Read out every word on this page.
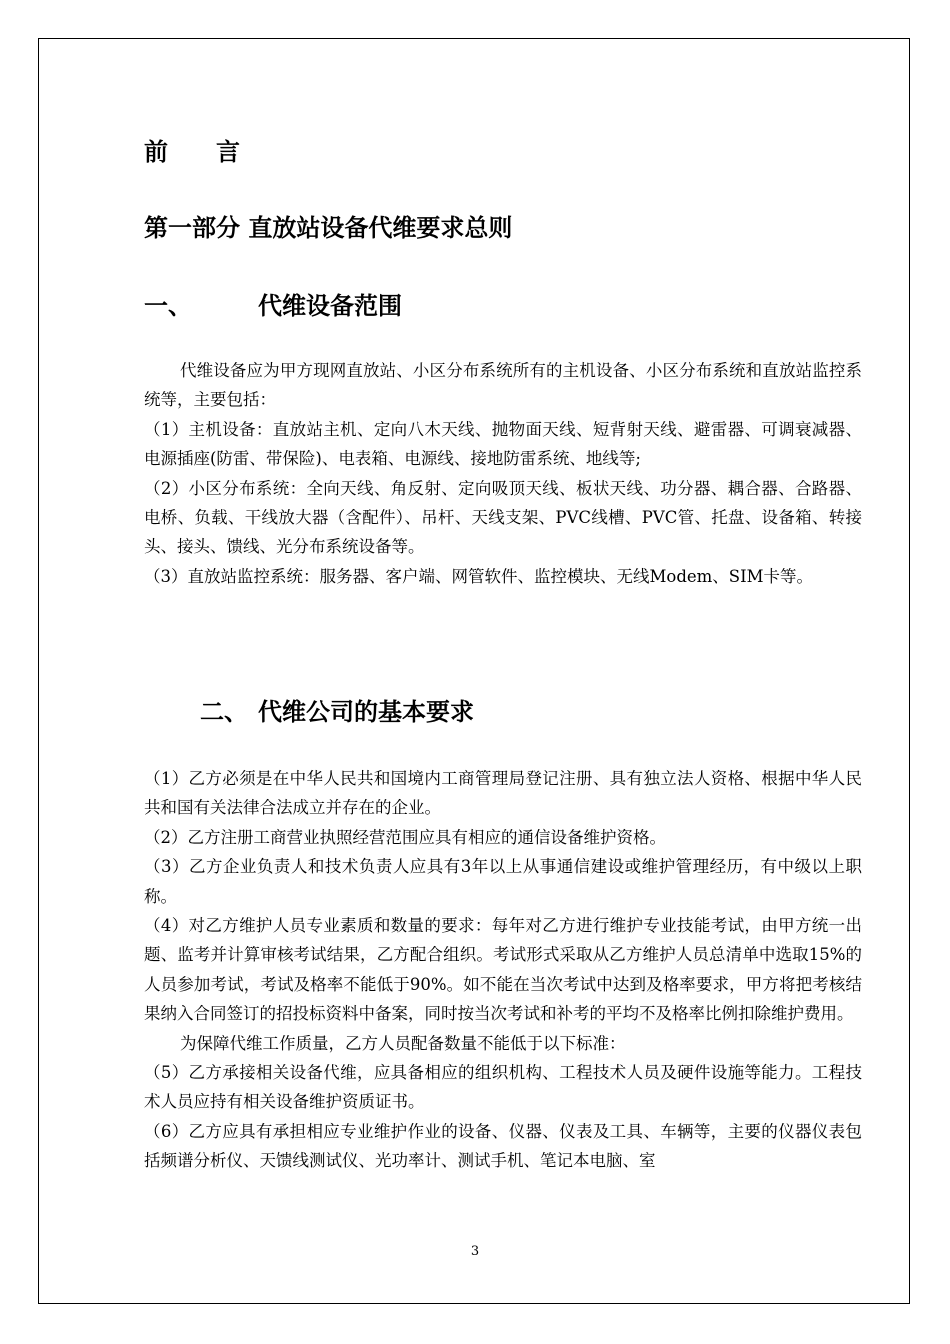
前 言
第一部分 直放站设备代维要求总则
一、	代维设备范围

代维设备应为甲方现网直放站、小区分布系统所有的主机设备、小区分布系统和直放站监控系统等，主要包括：

（1）主机设备：直放站主机、定向八木天线、抛物面天线、短背射天线、避雷器、可调衰减器、电源插座(防雷、带保险)、电表箱、电源线、接地防雷系统、地线等;

（2）小区分布系统：全向天线、角反射、定向吸顶天线、板状天线、功分器、耦合器、合路器、电桥、负载、干线放大器（含配件）、吊杆、天线支架、PVC线槽、PVC管、托盘、设备箱、转接头、接头、馈线、光分布系统设备等。

（3）直放站监控系统：服务器、客户端、网管软件、监控模块、无线Modem、SIM卡等。

二、 代维公司的基本要求

（1）乙方必须是在中华人民共和国境内工商管理局登记注册、具有独立法人资格、根据中华人民共和国有关法律合法成立并存在的企业。

（2）乙方注册工商营业执照经营范围应具有相应的通信设备维护资格。

（3）乙方企业负责人和技术负责人应具有3年以上从事通信建设或维护管理经历，有中级以上职称。

（4）对乙方维护人员专业素质和数量的要求：每年对乙方进行维护专业技能考试，由甲方统一出题、监考并计算审核考试结果，乙方配合组织。考试形式采取从乙方维护人员总清单中选取15%的人员参加考试，考试及格率不能低于90%。如不能在当次考试中达到及格率要求，甲方将把考核结果纳入合同签订的招投标资料中备案，同时按当次考试和补考的平均不及格率比例扣除维护费用。

为保障代维工作质量，乙方人员配备数量不能低于以下标准：

（5）乙方承接相关设备代维，应具备相应的组织机构、工程技术人员及硬件设施等能力。工程技术人员应持有相关设备维护资质证书。

（6）乙方应具有承担相应专业维护作业的设备、仪器、仪表及工具、车辆等，主要的仪器仪表包括频谱分析仪、天馈线测试仪、光功率计、测试手机、笔记本电脑、室

3
